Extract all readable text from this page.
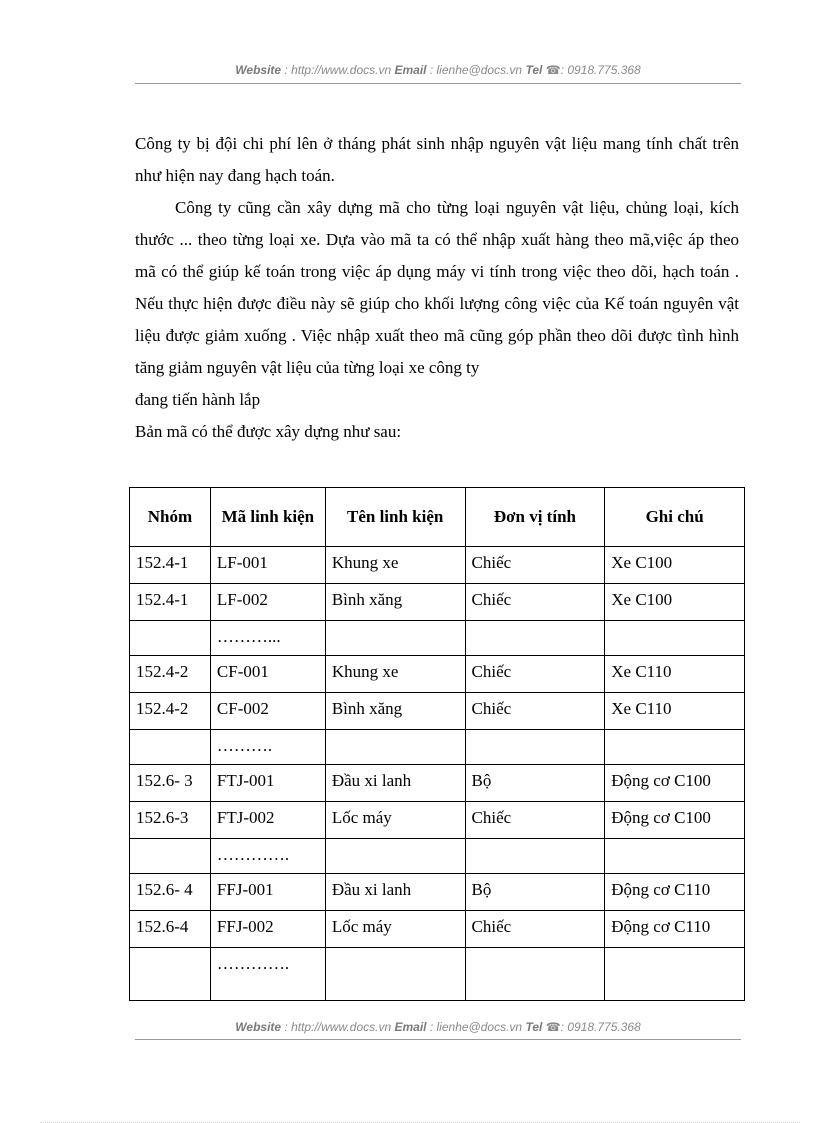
Website : http://www.docs.vn Email : lienhe@docs.vn Tel ☎: 0918.775.368

Công ty bị đội chi phí lên ở tháng phát sinh nhập nguyên vật liệu mang tính chất trên như hiện nay đang hạch toán.

Công ty cũng cần xây dựng mã cho từng loại nguyên vật liệu, chủng loại, kích thước ... theo từng loại xe. Dựa vào mã ta có thể nhập xuất hàng theo mã,việc áp theo mã có thể giúp kế toán trong việc áp dụng máy vi tính trong việc theo dõi, hạch toán . Nếu thực hiện được điều này sẽ giúp cho khối lượng công việc của Kế toán nguyên vật liệu được giảm xuống . Việc nhập xuất theo mã cũng góp phần theo dõi được tình hình tăng giảm nguyên vật liệu của từng loại xe công ty

đang tiến hành lắp

Bản mã có thể được xây dựng như sau:

Nhóm	Mã linh kiện	Tên linh kiện	Đơn vị tính	Ghi chú
152.4-1	LF-001	Khung xe	Chiếc	Xe C100
152.4-1	LF-002	Bình xăng	Chiếc	Xe C100
	………...			
152.4-2	CF-001	Khung xe	Chiếc	Xe C110
152.4-2	CF-002	Bình xăng	Chiếc	Xe C110
	……….			
152.6- 3	FTJ-001	Đầu xi lanh	Bộ	Động cơ C100
152.6-3	FTJ-002	Lốc máy	Chiếc	Động cơ C100
	………….			
152.6- 4	FFJ-001	Đầu xi lanh	Bộ	Động cơ C110
152.6-4	FFJ-002	Lốc máy	Chiếc	Động cơ C110
	………….			
Website : http://www.docs.vn Email : lienhe@docs.vn Tel ☎: 0918.775.368
